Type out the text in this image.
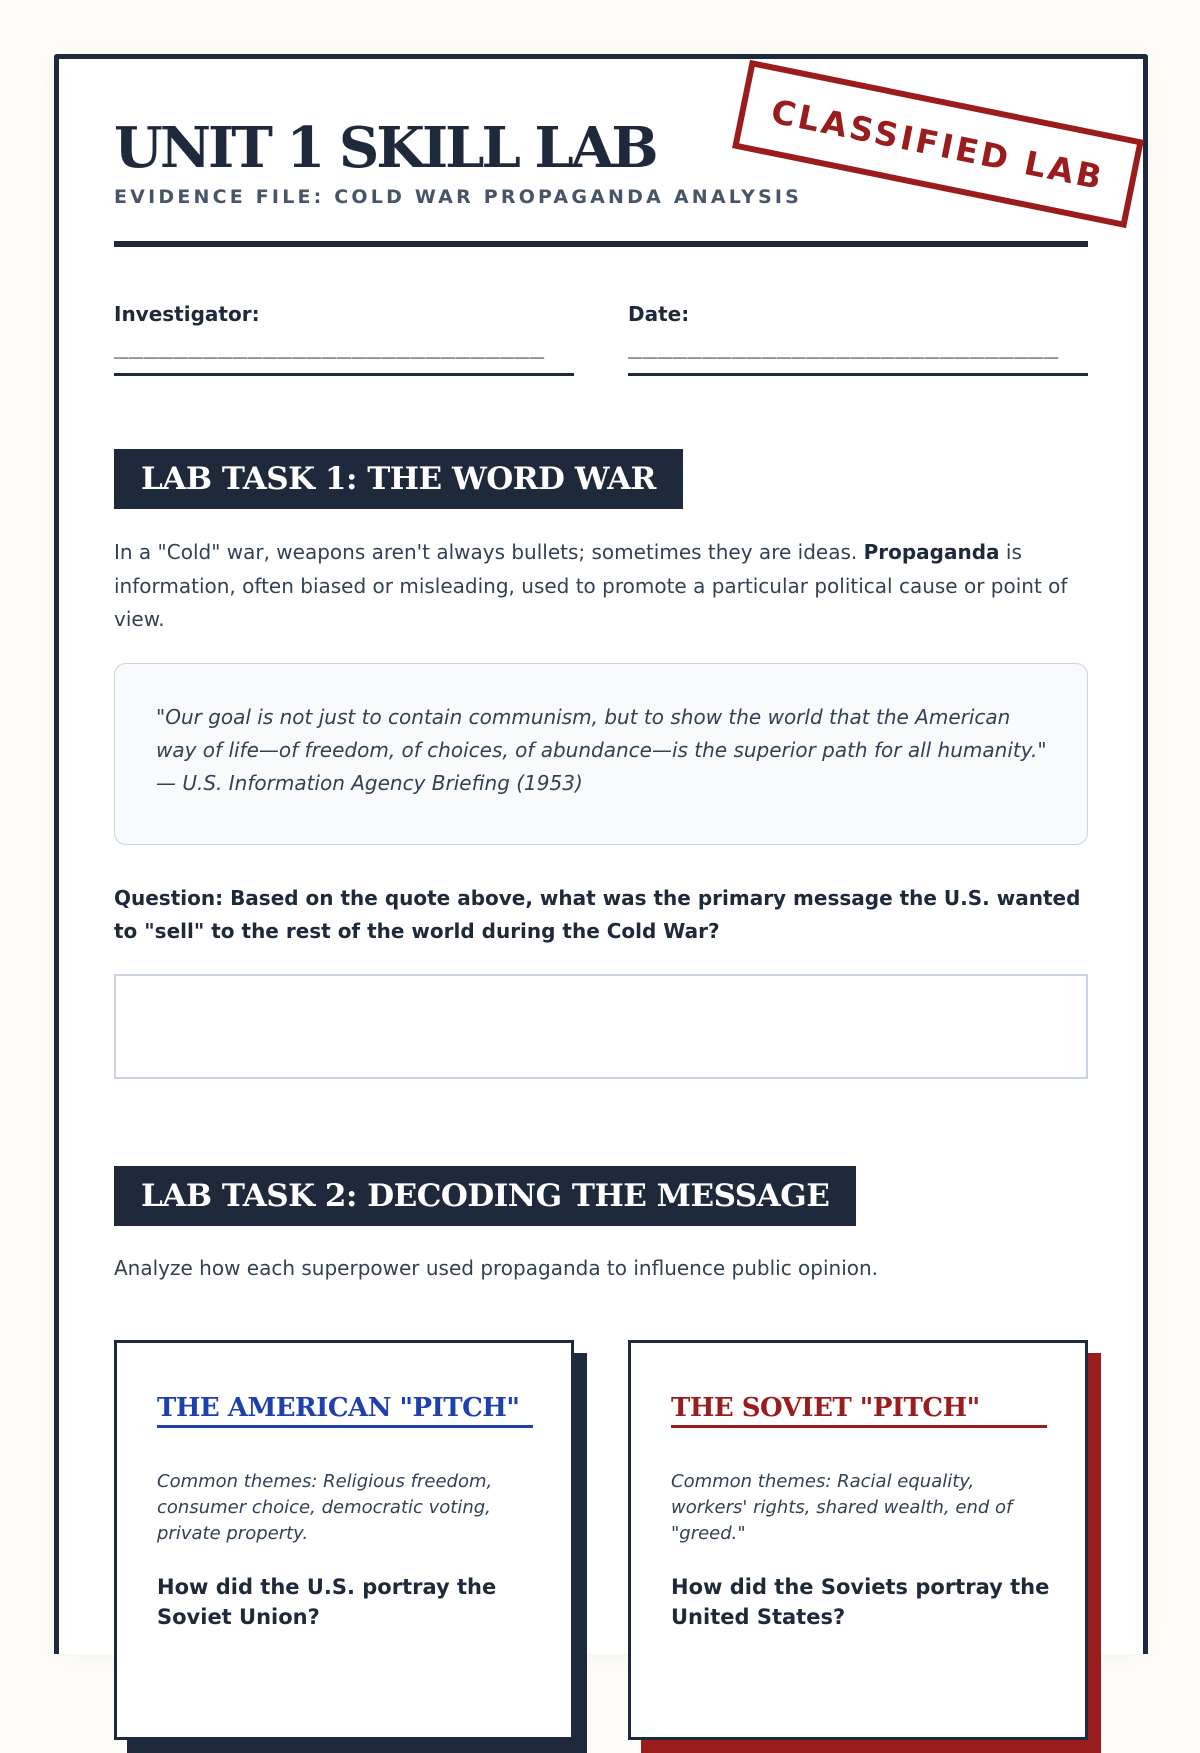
UNIT 1 SKILL LAB
EVIDENCE FILE: COLD WAR PROPAGANDA ANALYSIS
CLASSIFIED LAB
Investigator:
_____________________________
Date:
_____________________________
LAB TASK 1: THE WORD WAR

In a "Cold" war, weapons aren't always bullets; sometimes they are ideas. Propaganda is information, often biased or misleading, used to promote a particular political cause or point of view.

"Our goal is not just to contain communism, but to show the world that the American way of life—of freedom, of choices, of abundance—is the superior path for all humanity." — U.S. Information Agency Briefing (1953)
Question: Based on the quote above, what was the primary message the U.S. wanted to "sell" to the rest of the world during the Cold War?
LAB TASK 2: DECODING THE MESSAGE

Analyze how each superpower used propaganda to influence public opinion.

THE AMERICAN "PITCH"
Common themes: Religious freedom, consumer choice, democratic voting, private property.
How did the U.S. portray the Soviet Union?
THE SOVIET "PITCH"
Common themes: Racial equality, workers' rights, shared wealth, end of "greed."
How did the Soviets portray the United States?
